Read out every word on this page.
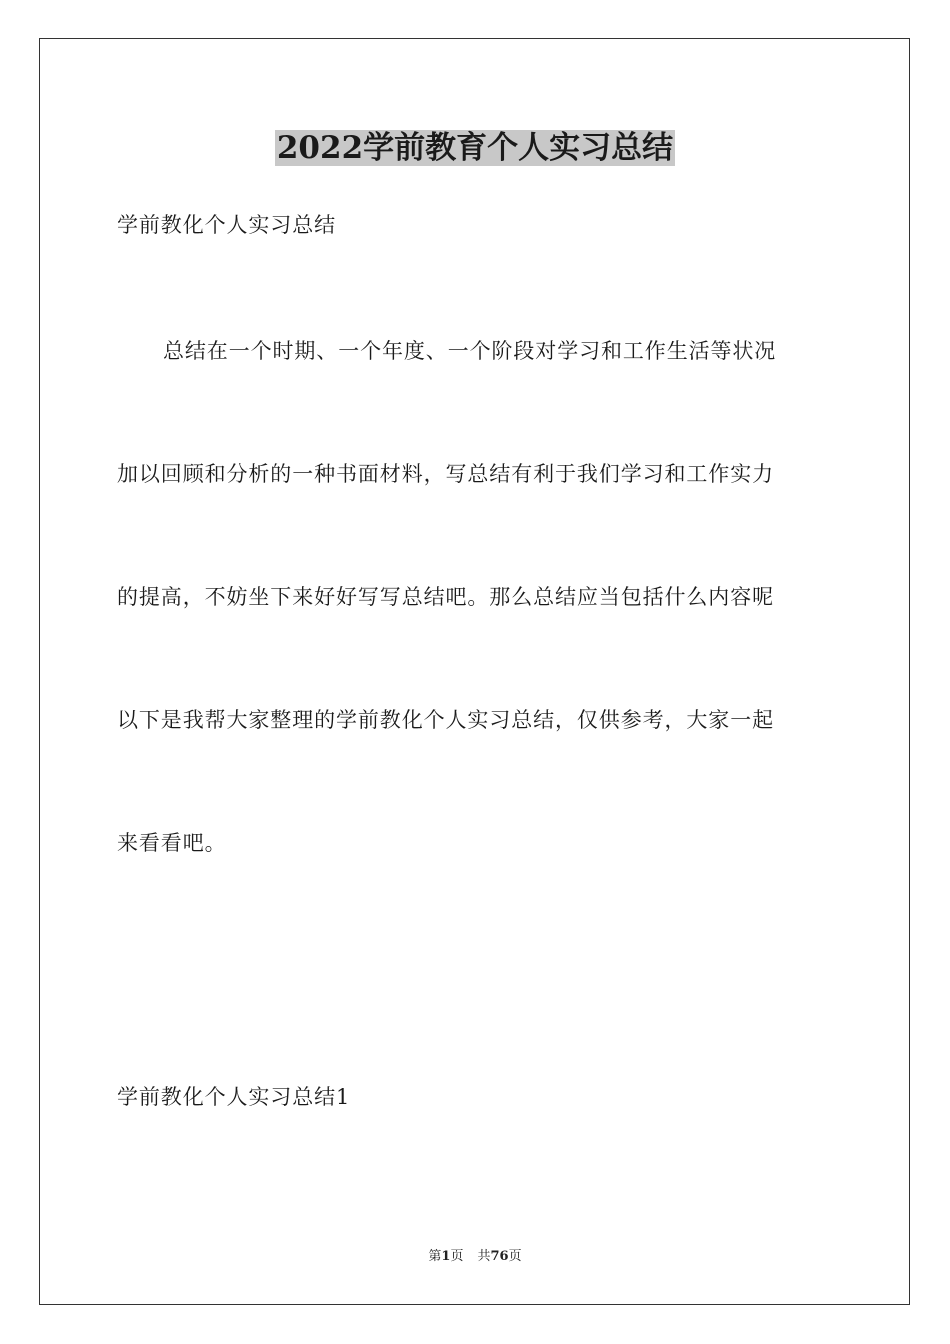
2022学前教育个人实习总结
学前教化个人实习总结
总结在一个时期、一个年度、一个阶段对学习和工作生活等状况
加以回顾和分析的一种书面材料，写总结有利于我们学习和工作实力
的提高，不妨坐下来好好写写总结吧。那么总结应当包括什么内容呢
以下是我帮大家整理的学前教化个人实习总结，仅供参考，大家一起
来看看吧。
学前教化个人实习总结1
第1页 共76页
